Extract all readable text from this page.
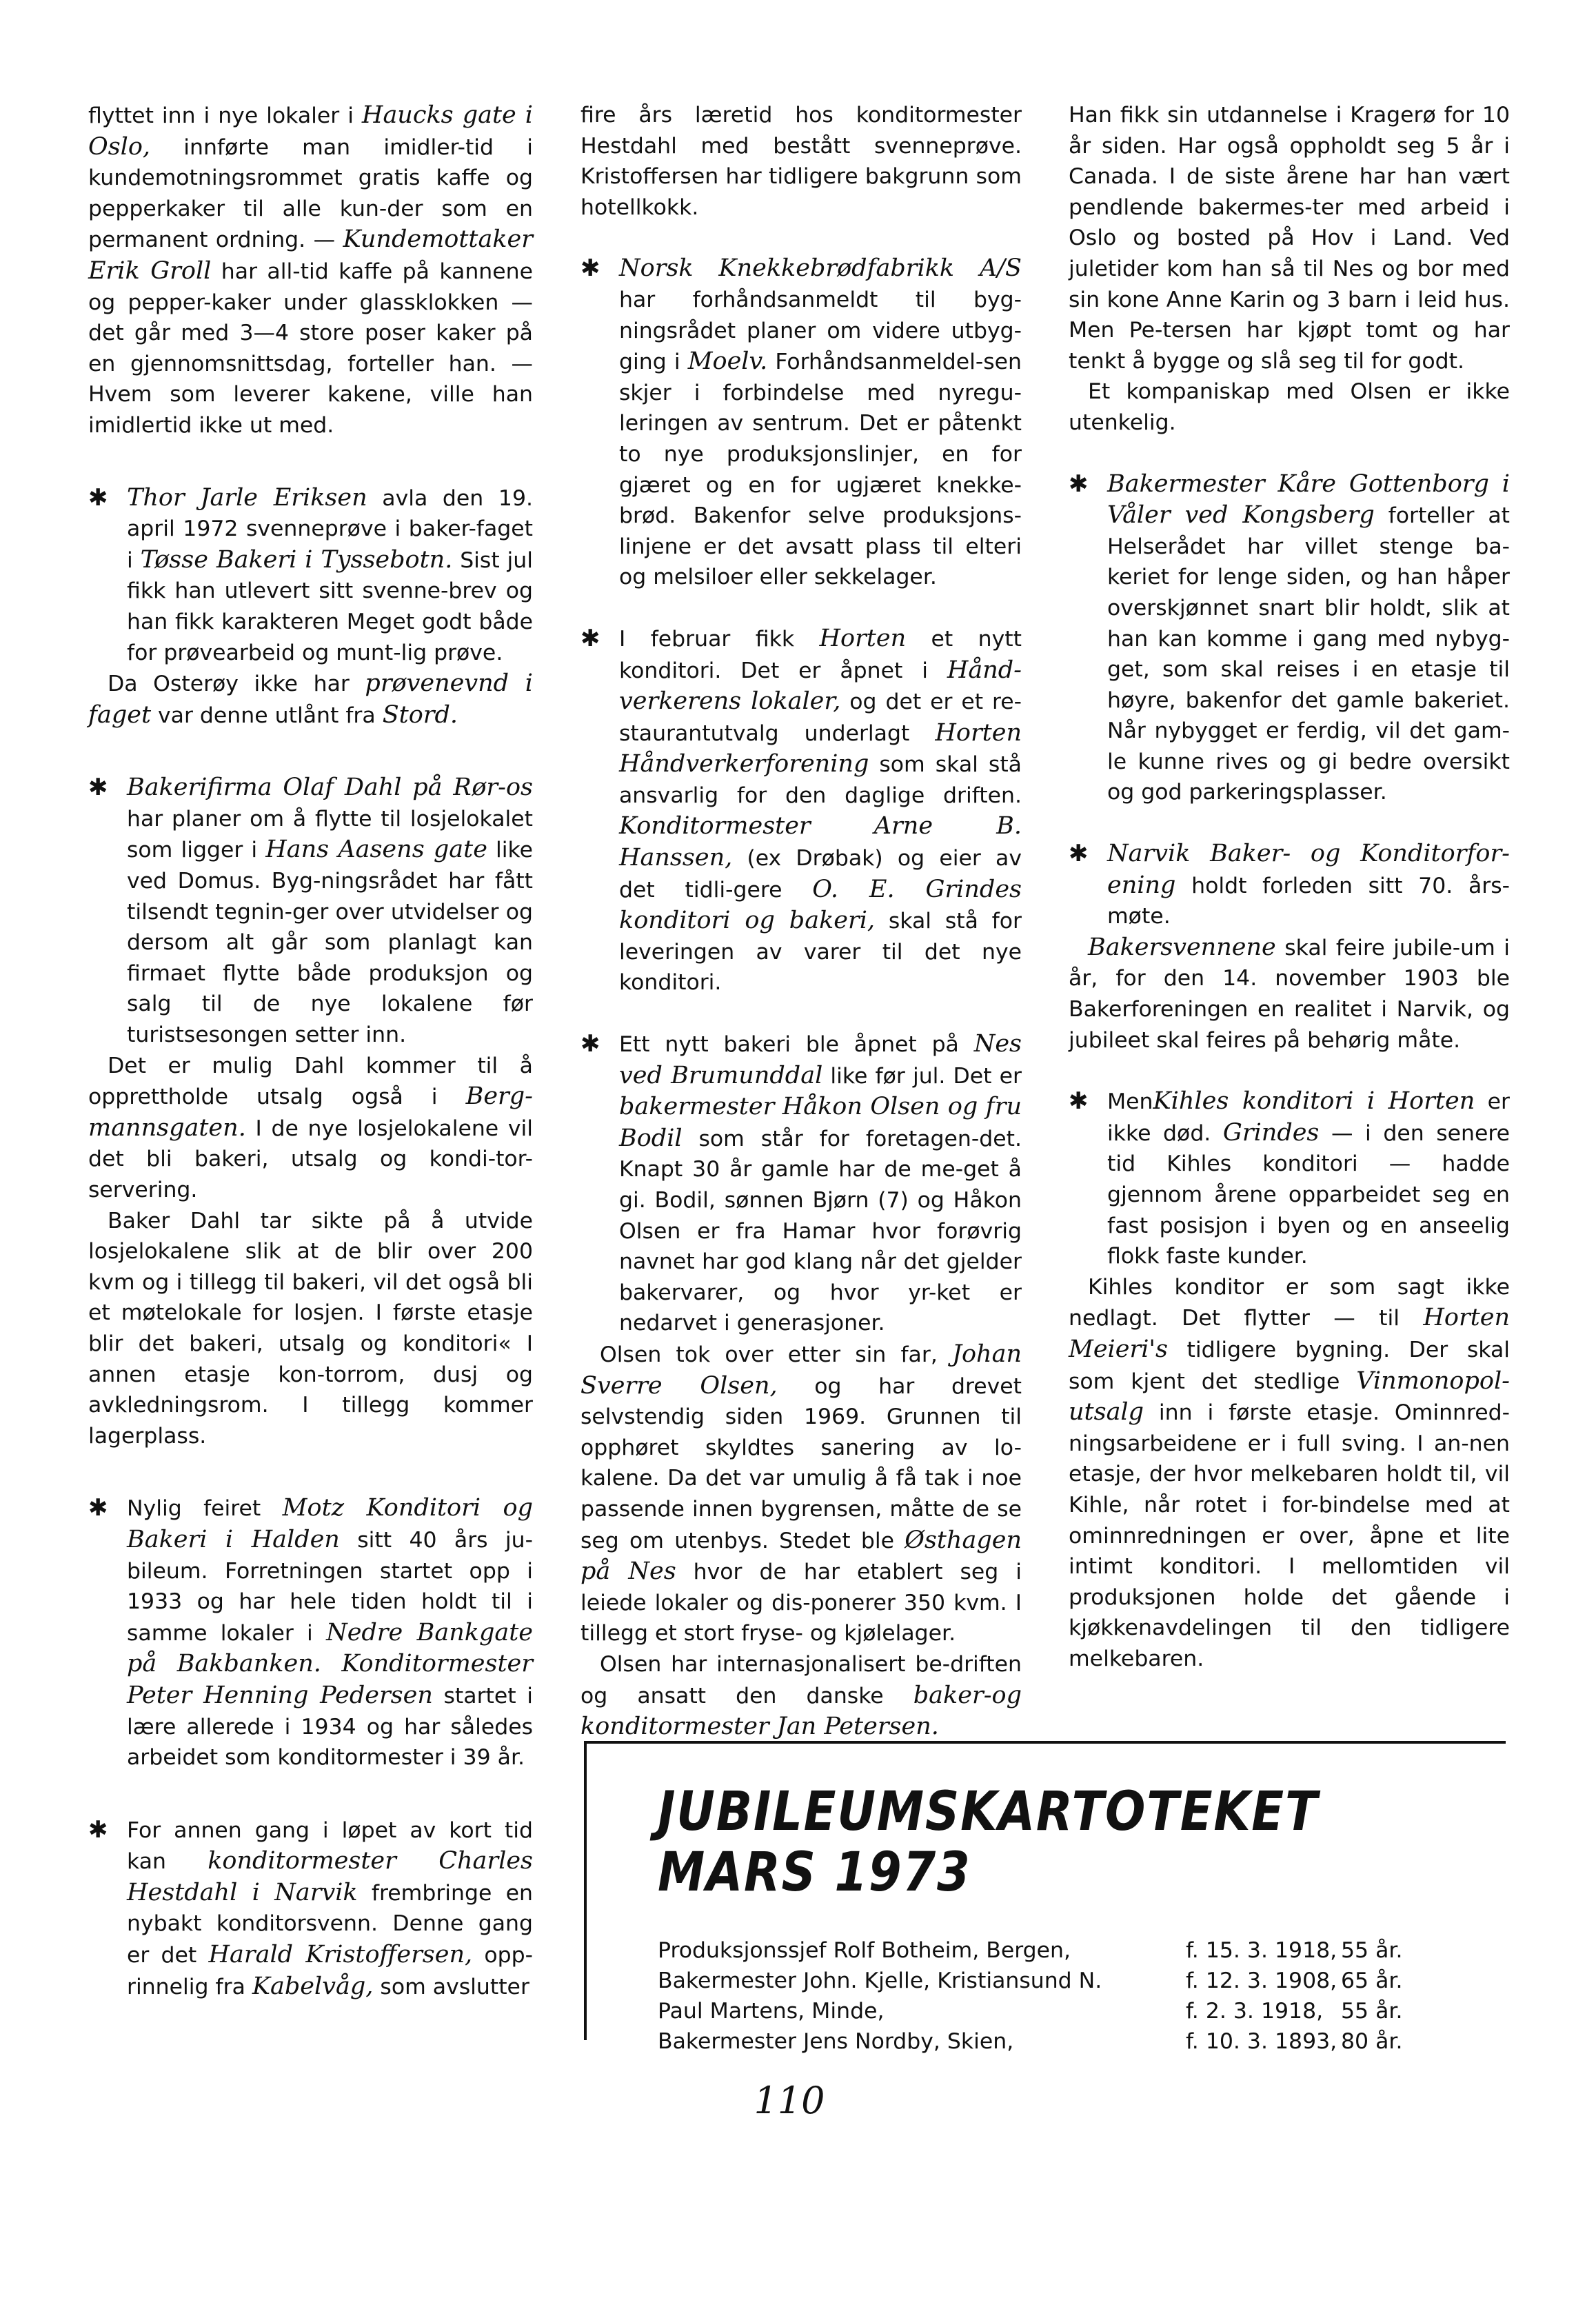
flyttet inn i nye lokaler i Haucks gate i Oslo, innførte man imidler-tid i kundemotningsrommet gratis kaffe og pepperkaker til alle kun-der som en permanent ordning. — Kundemottaker Erik Groll har all-tid kaffe på kannene og pepper-kaker under glassklokken — det går med 3—4 store poser kaker på en gjennomsnittsdag, forteller han. — Hvem som leverer kakene, ville han imidlertid ikke ut med.

✱ Thor Jarle Eriksen avla den 19. april 1972 svenneprøve i baker-faget i Tøsse Bakeri i Tyssebotn. Sist jul fikk han utlevert sitt svenne-brev og han fikk karakteren Meget godt både for prøvearbeid og munt-lig prøve.

Da Osterøy ikke har prøvenevnd i faget var denne utlånt fra Stord.

✱ Bakerifirma Olaf Dahl på Rør-os har planer om å flytte til losjelokalet som ligger i Hans Aasens gate like ved Domus. Byg-ningsrådet har fått tilsendt tegnin-ger over utvidelser og dersom alt går som planlagt kan firmaet flytte både produksjon og salg til de nye lokalene før turistsesongen setter inn.

Det er mulig Dahl kommer til å opprettholde utsalg også i Berg-mannsgaten. I de nye losjelokalene vil det bli bakeri, utsalg og kondi-tor-servering.

Baker Dahl tar sikte på å utvide losjelokalene slik at de blir over 200 kvm og i tillegg til bakeri, vil det også bli et møtelokale for losjen. I første etasje blir det bakeri, utsalg og konditori« I annen etasje kon-torrom, dusj og avkledningsrom. I tillegg kommer lagerplass.

✱ Nylig feiret Motz Konditori og Bakeri i Halden sitt 40 års ju-bileum. Forretningen startet opp i 1933 og har hele tiden holdt til i samme lokaler i Nedre Bankgate på Bakbanken. Konditormester Peter Henning Pedersen startet i lære allerede i 1934 og har således arbeidet som konditormester i 39 år.

✱ For annen gang i løpet av kort tid kan konditormester Charles Hestdahl i Narvik frembringe en nybakt konditorsvenn. Denne gang er det Harald Kristoffersen, opp-rinnelig fra Kabelvåg, som avslutter

fire års læretid hos konditormester Hestdahl med bestått svenneprøve. Kristoffersen har tidligere bakgrunn som hotellkokk.

✱ Norsk Knekkebrødfabrikk A/S har forhåndsanmeldt til byg-ningsrådet planer om videre utbyg-ging i Moelv. Forhåndsanmeldel-sen skjer i forbindelse med nyregu-leringen av sentrum. Det er påtenkt to nye produksjonslinjer, en for gjæret og en for ugjæret knekke-brød. Bakenfor selve produksjons-linjene er det avsatt plass til elteri og melsiloer eller sekkelager.

✱ I februar fikk Horten et nytt konditori. Det er åpnet i Hånd-verkerens lokaler, og det er et re-staurantutvalg underlagt Horten Håndverkerforening som skal stå ansvarlig for den daglige driften. Konditormester Arne B. Hanssen, (ex Drøbak) og eier av det tidli-gere O. E. Grindes konditori og bakeri, skal stå for leveringen av varer til det nye konditori.

✱ Ett nytt bakeri ble åpnet på Nes ved Brumunddal like før jul. Det er bakermester Håkon Olsen og fru Bodil som står for foretagen-det. Knapt 30 år gamle har de me-get å gi. Bodil, sønnen Bjørn (7) og Håkon Olsen er fra Hamar hvor forøvrig navnet har god klang når det gjelder bakervarer, og hvor yr-ket er nedarvet i generasjoner.

Olsen tok over etter sin far, Johan Sverre Olsen, og har drevet selvstendig siden 1969. Grunnen til opphøret skyldtes sanering av lo-kalene. Da det var umulig å få tak i noe passende innen bygrensen, måtte de se seg om utenbys. Stedet ble Østhagen på Nes hvor de har etablert seg i leiede lokaler og dis-ponerer 350 kvm. I tillegg et stort fryse- og kjølelager.

Olsen har internasjonalisert be-driften og ansatt den danske baker-og konditormester Jan Petersen.

Han fikk sin utdannelse i Kragerø for 10 år siden. Har også oppholdt seg 5 år i Canada. I de siste årene har han vært pendlende bakermes-ter med arbeid i Oslo og bosted på Hov i Land. Ved juletider kom han så til Nes og bor med sin kone Anne Karin og 3 barn i leid hus. Men Pe-tersen har kjøpt tomt og har tenkt å bygge og slå seg til for godt.

Et kompaniskap med Olsen er ikke utenkelig.

✱ Bakermester Kåre Gottenborg i Våler ved Kongsberg forteller at Helserådet har villet stenge ba-keriet for lenge siden, og han håper overskjønnet snart blir holdt, slik at han kan komme i gang med nybyg-get, som skal reises i en etasje til høyre, bakenfor det gamle bakeriet. Når nybygget er ferdig, vil det gam-le kunne rives og gi bedre oversikt og god parkeringsplasser.

✱ Narvik Baker- og Konditorfor-ening holdt forleden sitt 70. års-møte.

Bakersvennene skal feire jubile-um i år, for den 14. november 1903 ble Bakerforeningen en realitet i Narvik, og jubileet skal feires på behørig måte.

✱ MenKihles konditori i Horten er ikke død. Grindes — i den senere tid Kihles konditori — hadde gjennom årene opparbeidet seg en fast posisjon i byen og en anseelig flokk faste kunder.

Kihles konditor er som sagt ikke nedlagt. Det flytter — til Horten Meieri's tidligere bygning. Der skal som kjent det stedlige Vinmonopol-utsalg inn i første etasje. Ominnred-ningsarbeidene er i full sving. I an-nen etasje, der hvor melkebaren holdt til, vil Kihle, når rotet i for-bindelse med at ominnredningen er over, åpne et lite intimt konditori. I mellomtiden vil produksjonen holde det gående i kjøkkenavdelingen til den tidligere melkebaren.

JUBILEUMSKARTOTEKET MARS 1973
Produksjonssjef Rolf Botheim, Bergen,	f. 15. 3. 1918,	55 år.
Bakermester John. Kjelle, Kristiansund N.	f. 12. 3. 1908,	65 år.
Paul Martens, Minde,	f. 2. 3. 1918,	55 år.
Bakermester Jens Nordby, Skien,	f. 10. 3. 1893,	80 år.
110
